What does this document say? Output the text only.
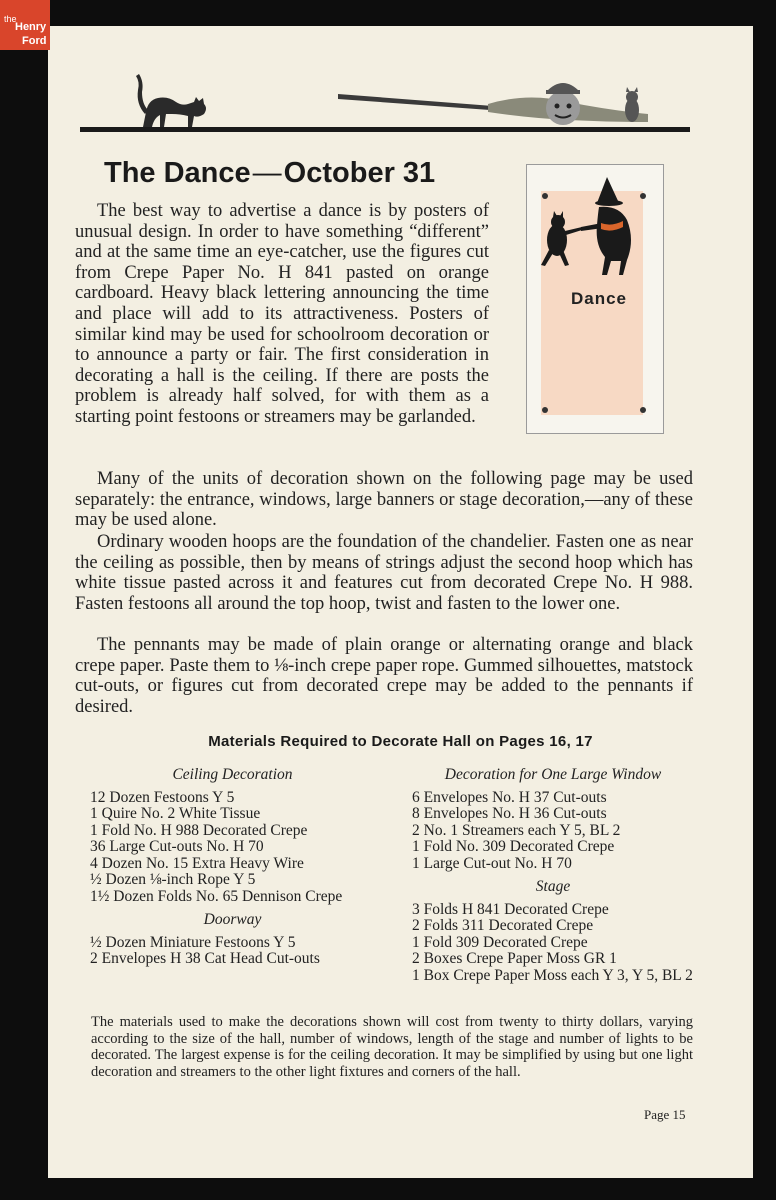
the
Henry
Ford
The Dance—October 31
Dance

The best way to advertise a dance is by posters of unusual design. In order to have something “different” and at the same time an eye-catcher, use the figures cut from Crepe Paper No. H 841 pasted on orange cardboard. Heavy black lettering announcing the time and place will add to its attractiveness. Posters of similar kind may be used for schoolroom decoration or to announce a party or fair. The first consideration in decorating a hall is the ceiling. If there are posts the problem is already half solved, for with them as a starting point festoons or streamers may be garlanded.

Many of the units of decoration shown on the following page may be used separately: the entrance, windows, large banners or stage decoration,—any of these may be used alone.

Ordinary wooden hoops are the foundation of the chandelier. Fasten one as near the ceiling as possible, then by means of strings adjust the second hoop which has white tissue pasted across it and features cut from decorated Crepe No. H 988. Fasten festoons all around the top hoop, twist and fasten to the lower one.

The pennants may be made of plain orange or alternating orange and black crepe paper. Paste them to ⅛-inch crepe paper rope. Gummed silhouettes, matstock cut-outs, or figures cut from decorated crepe may be added to the pennants if desired.

Materials Required to Decorate Hall on Pages 16, 17

Ceiling Decoration

12 Dozen Festoons Y 5
1 Quire No. 2 White Tissue
1 Fold No. H 988 Decorated Crepe
36 Large Cut-outs No. H 70
4 Dozen No. 15 Extra Heavy Wire
½ Dozen ⅛-inch Rope Y 5
1½ Dozen Folds No. 65 Dennison Crepe

Doorway

½ Dozen Miniature Festoons Y 5
2 Envelopes H 38 Cat Head Cut-outs

Decoration for One Large Window

6 Envelopes No. H 37 Cut-outs
8 Envelopes No. H 36 Cut-outs
2 No. 1 Streamers each Y 5, BL 2
1 Fold No. 309 Decorated Crepe
1 Large Cut-out No. H 70

Stage

3 Folds H 841 Decorated Crepe
2 Folds 311 Decorated Crepe
1 Fold 309 Decorated Crepe
2 Boxes Crepe Paper Moss GR 1
1 Box Crepe Paper Moss each Y 3, Y 5, BL 2

The materials used to make the decorations shown will cost from twenty to thirty dollars, varying according to the size of the hall, number of windows, length of the stage and number of lights to be decorated. The largest expense is for the ceiling decoration. It may be simplified by using but one light decoration and streamers to the other light fixtures and corners of the hall.

Page 15
